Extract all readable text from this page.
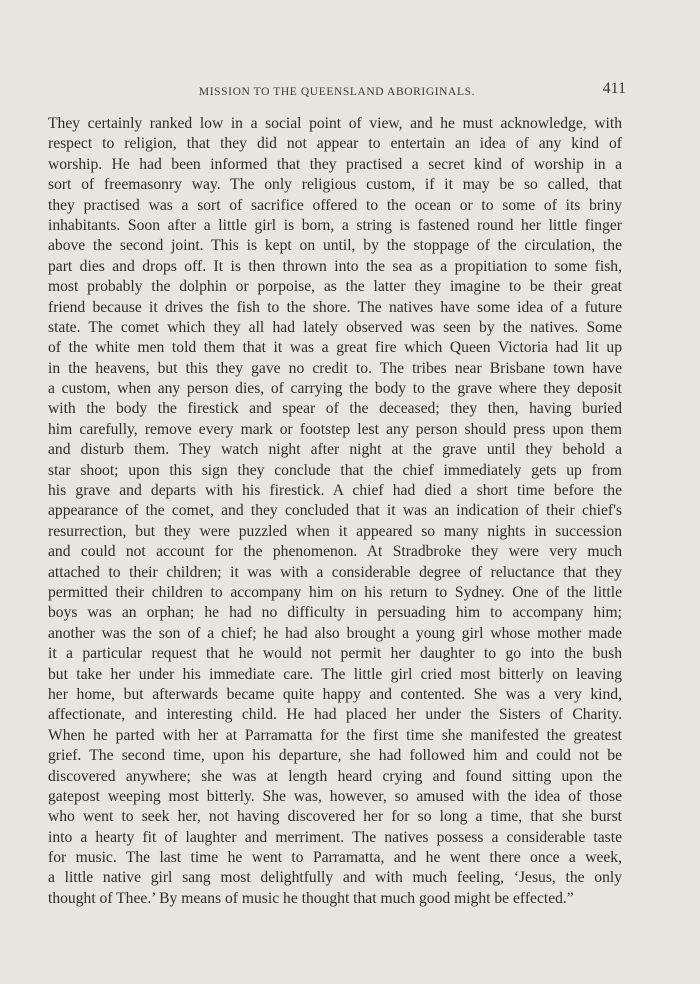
MISSION TO THE QUEENSLAND ABORIGINALS.	411
They certainly ranked low in a social point of view, and he must acknowledge, with
respect to religion, that they did not appear to entertain an idea of any kind of
worship. He had been informed that they practised a secret kind of worship in a
sort of freemasonry way. The only religious custom, if it may be so called, that
they practised was a sort of sacrifice offered to the ocean or to some of its briny
inhabitants. Soon after a little girl is born, a string is fastened round her little finger
above the second joint. This is kept on until, by the stoppage of the circulation, the
part dies and drops off. It is then thrown into the sea as a propitiation to some fish,
most probably the dolphin or porpoise, as the latter they imagine to be their great
friend because it drives the fish to the shore. The natives have some idea of a future
state. The comet which they all had lately observed was seen by the natives. Some
of the white men told them that it was a great fire which Queen Victoria had lit up
in the heavens, but this they gave no credit to. The tribes near Brisbane town have
a custom, when any person dies, of carrying the body to the grave where they deposit
with the body the firestick and spear of the deceased; they then, having buried
him carefully, remove every mark or footstep lest any person should press upon them
and disturb them. They watch night after night at the grave until they behold a
star shoot; upon this sign they conclude that the chief immediately gets up from
his grave and departs with his firestick. A chief had died a short time before the
appearance of the comet, and they concluded that it was an indication of their chief's
resurrection, but they were puzzled when it appeared so many nights in succession
and could not account for the phenomenon. At Stradbroke they were very much
attached to their children; it was with a considerable degree of reluctance that they
permitted their children to accompany him on his return to Sydney. One of the little
boys was an orphan; he had no difficulty in persuading him to accompany him;
another was the son of a chief; he had also brought a young girl whose mother made
it a particular request that he would not permit her daughter to go into the bush
but take her under his immediate care. The little girl cried most bitterly on leaving
her home, but afterwards became quite happy and contented. She was a very kind,
affectionate, and interesting child. He had placed her under the Sisters of Charity.
When he parted with her at Parramatta for the first time she manifested the greatest
grief. The second time, upon his departure, she had followed him and could not be
discovered anywhere; she was at length heard crying and found sitting upon the
gatepost weeping most bitterly. She was, however, so amused with the idea of those
who went to seek her, not having discovered her for so long a time, that she burst
into a hearty fit of laughter and merriment. The natives possess a considerable taste
for music. The last time he went to Parramatta, and he went there once a week,
a little native girl sang most delightfully and with much feeling, ‘Jesus, the only
thought of Thee.’ By means of music he thought that much good might be effected.”
